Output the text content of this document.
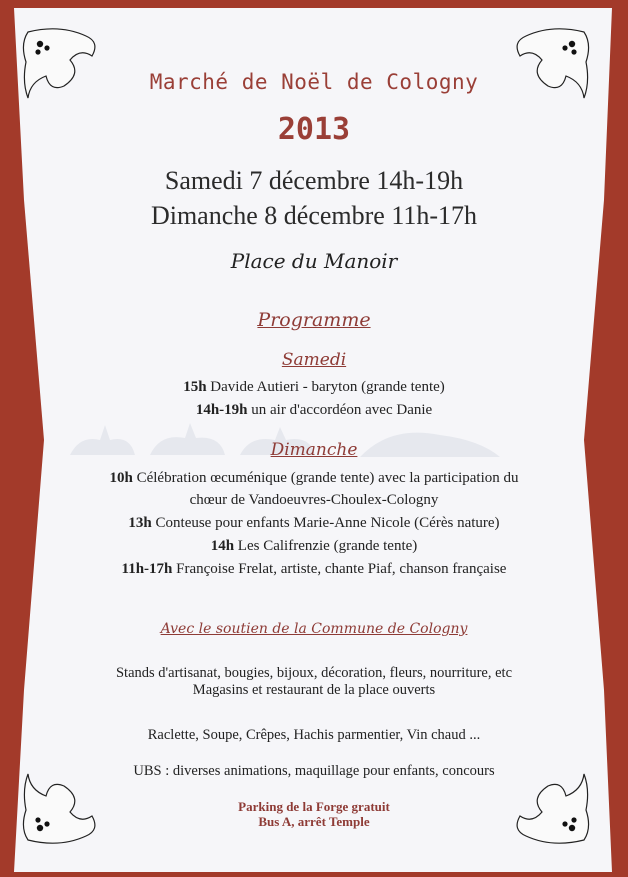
Marché de Noël de Cologny
2013
Samedi 7 décembre 14h-19h
Dimanche 8 décembre 11h-17h
Place du Manoir
Programme
Samedi
15h Davide Autieri - baryton (grande tente)
14h-19h un air d'accordéon avec Danie
Dimanche
10h Célébration œcuménique (grande tente) avec la participation du
chœur de Vandoeuvres-Choulex-Cologny
13h Conteuse pour enfants Marie-Anne Nicole (Cérès nature)
14h Les Califrenzie (grande tente)
11h-17h Françoise Frelat, artiste, chante Piaf, chanson française
Avec le soutien de la Commune de Cologny
Stands d'artisanat, bougies, bijoux, décoration, fleurs, nourriture, etc
Magasins et restaurant de la place ouverts
Raclette, Soupe, Crêpes, Hachis parmentier, Vin chaud ...
UBS : diverses animations, maquillage pour enfants, concours
Parking de la Forge gratuit
Bus A, arrêt Temple
